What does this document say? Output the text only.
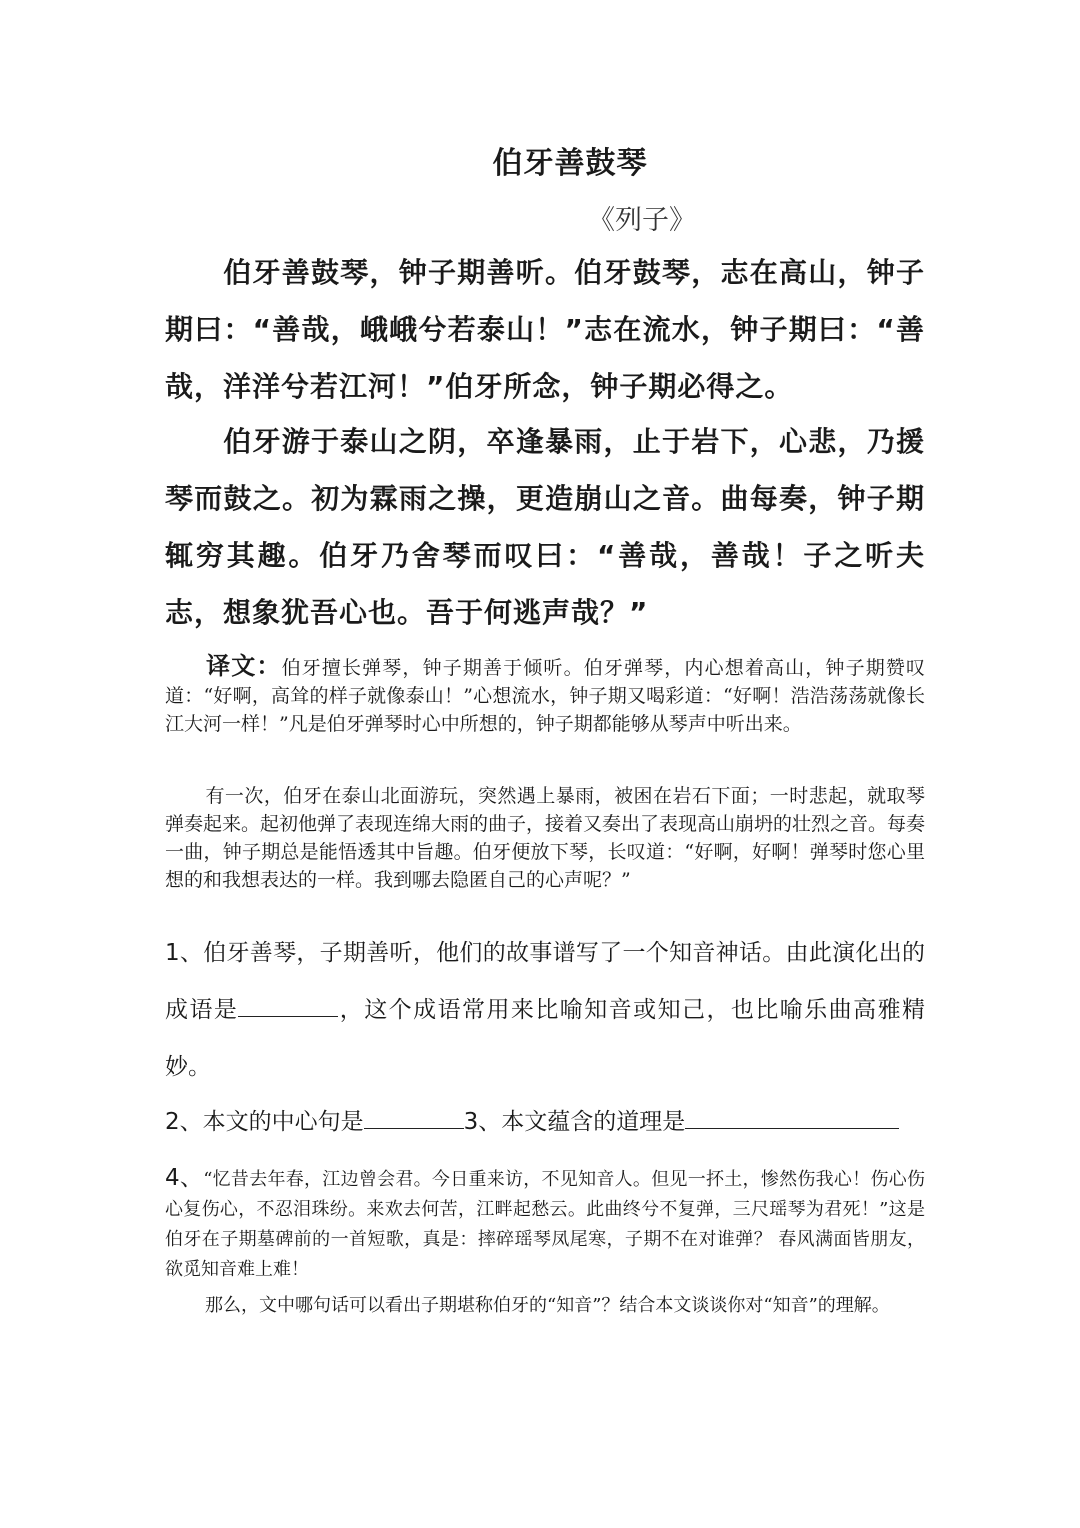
伯牙善鼓琴
《列子》
伯牙善鼓琴，钟子期善听。伯牙鼓琴，志在高山，钟子期曰：“善哉，峨峨兮若泰山！”志在流水，钟子期曰：“善哉，洋洋兮若江河！”伯牙所念，钟子期必得之。
伯牙游于泰山之阴，卒逢暴雨，止于岩下，心悲，乃援琴而鼓之。初为霖雨之操，更造崩山之音。曲每奏，钟子期辄穷其趣。伯牙乃舍琴而叹曰：“善哉，善哉！子之听夫志，想象犹吾心也。吾于何逃声哉？”
译文：伯牙擅长弹琴，钟子期善于倾听。伯牙弹琴，内心想着高山，钟子期赞叹道：“好啊，高耸的样子就像泰山！”心想流水，钟子期又喝彩道：“好啊！浩浩荡荡就像长江大河一样！”凡是伯牙弹琴时心中所想的，钟子期都能够从琴声中听出来。
有一次，伯牙在泰山北面游玩，突然遇上暴雨，被困在岩石下面；一时悲起，就取琴弹奏起来。起初他弹了表现连绵大雨的曲子，接着又奏出了表现高山崩坍的壮烈之音。每奏一曲，钟子期总是能悟透其中旨趣。伯牙便放下琴，长叹道：“好啊，好啊！弹琴时您心里想的和我想表达的一样。我到哪去隐匿自己的心声呢？”
1、伯牙善琴，子期善听，他们的故事谱写了一个知音神话。由此演化出的成语是	，这个成语常用来比喻知音或知己，也比喻乐曲高雅精妙。
2、本文的中心句是	3、本文蕴含的道理是
4、“忆昔去年春，江边曾会君。今日重来访，不见知音人。但见一抔土，惨然伤我心！伤心伤心复伤心，不忍泪珠纷。来欢去何苦，江畔起愁云。此曲终兮不复弹，三尺瑶琴为君死！”这是伯牙在子期墓碑前的一首短歌，真是：摔碎瑶琴凤尾寒，子期不在对谁弹？ 春风满面皆朋友，欲觅知音难上难！
那么，文中哪句话可以看出子期堪称伯牙的“知音”？结合本文谈谈你对“知音”的理解。
